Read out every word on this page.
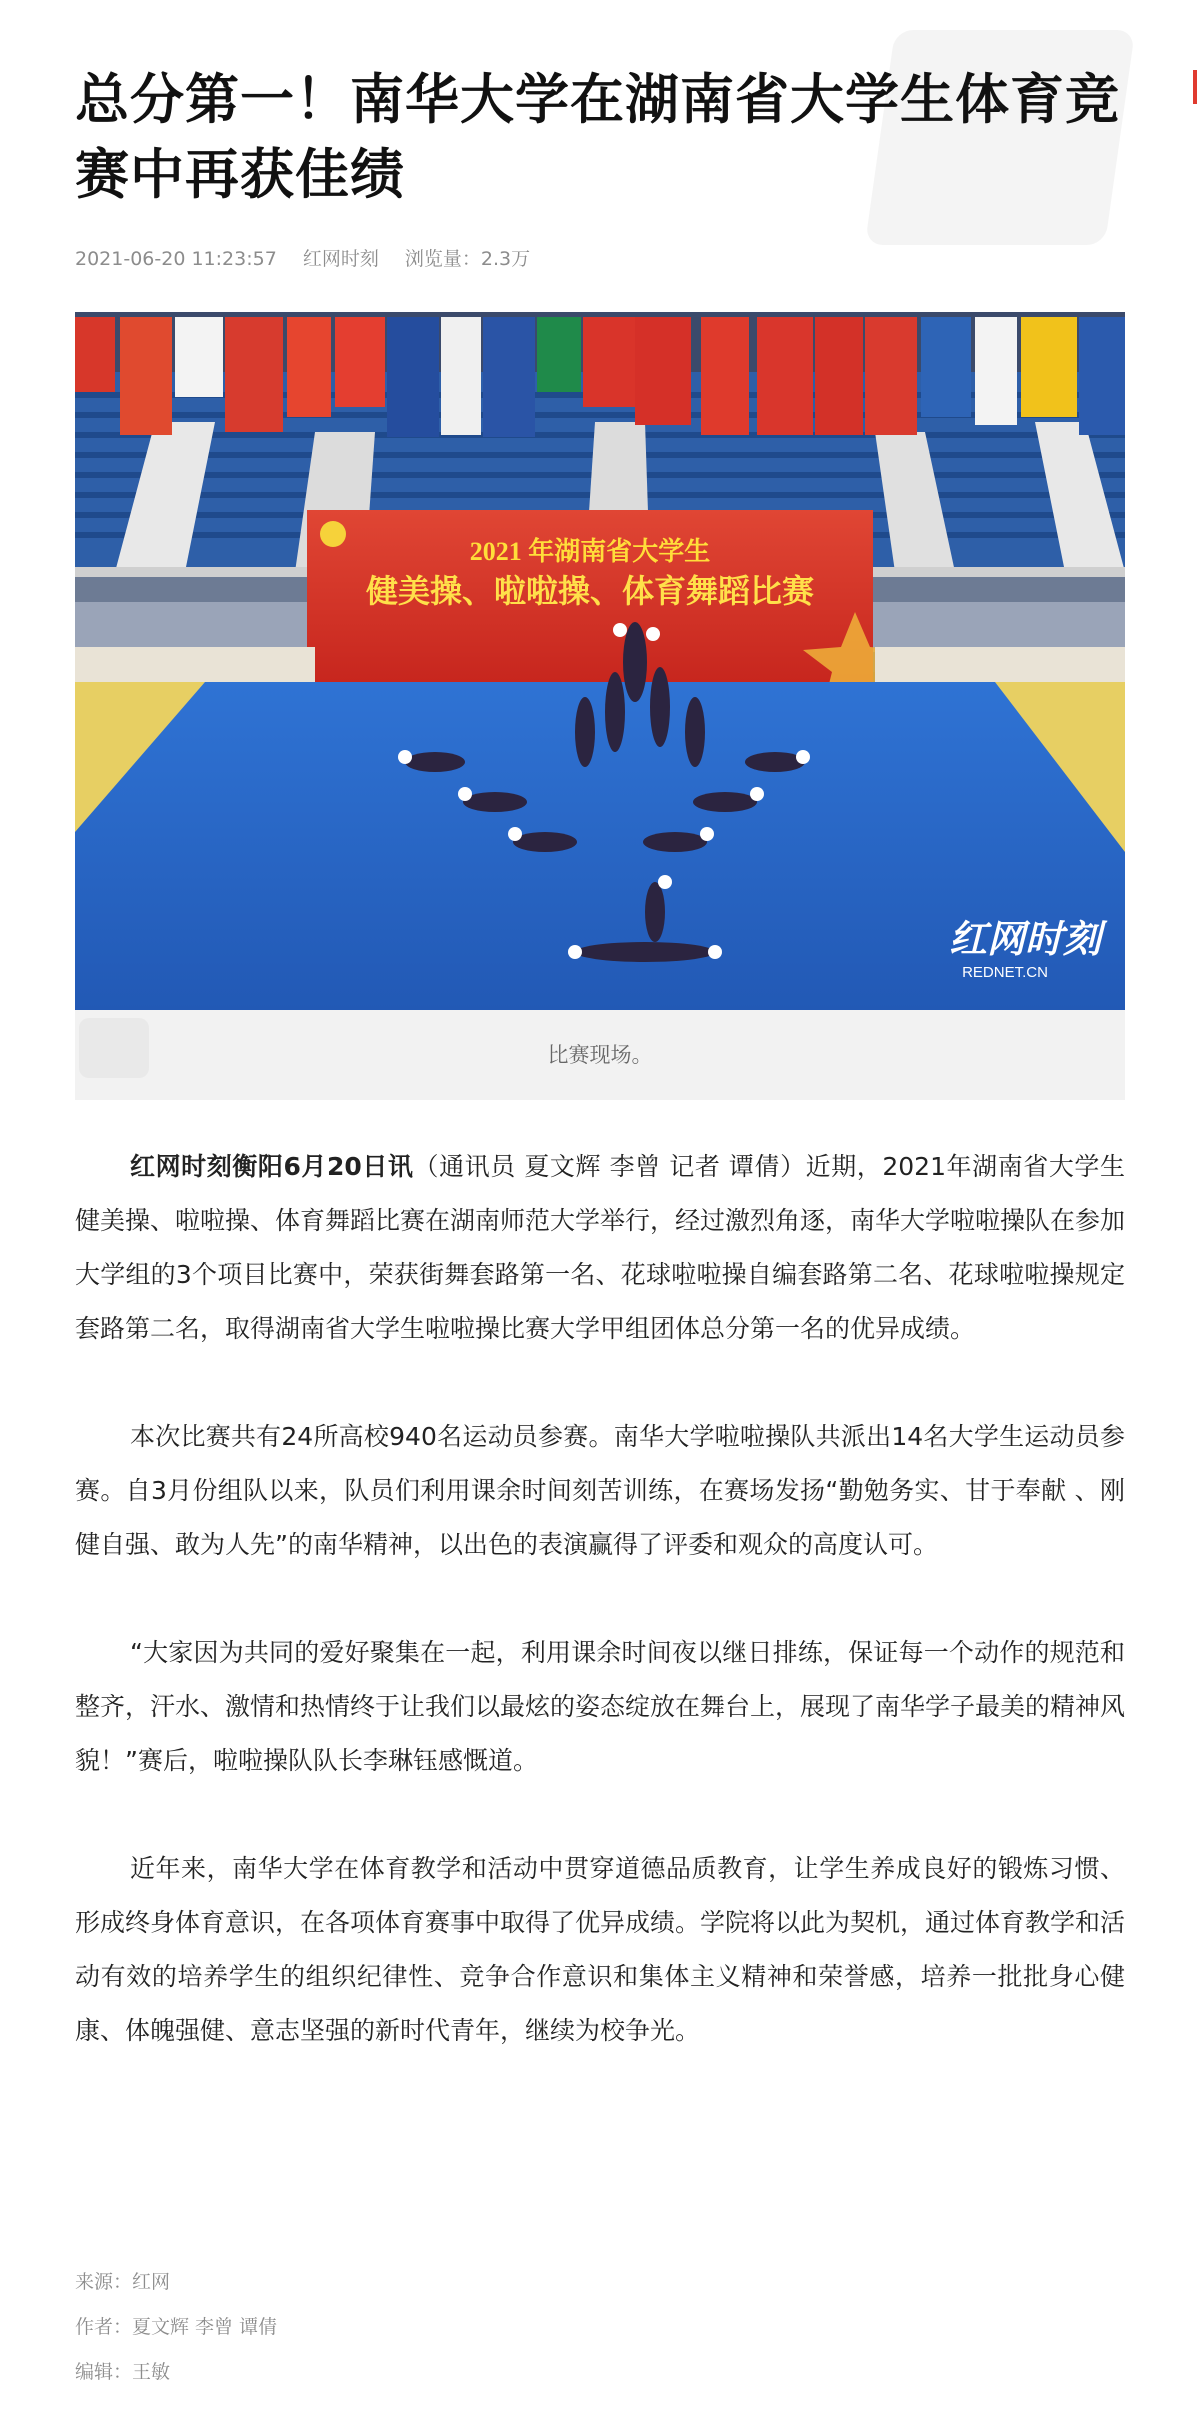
总分第一！南华大学在湖南省大学生体育竞赛中再获佳绩
2021-06-20 11:23:57 红网时刻 浏览量：2.3万
2021 年湖南省大学生
健美操、啦啦操、体育舞蹈比赛
红网时刻
REDNET.CN
比赛现场。

红网时刻衡阳6月20日讯（通讯员 夏文辉 李曾 记者 谭倩）近期，2021年湖南省大学生健美操、啦啦操、体育舞蹈比赛在湖南师范大学举行，经过激烈角逐，南华大学啦啦操队在参加大学组的3个项目比赛中，荣获街舞套路第一名、花球啦啦操自编套路第二名、花球啦啦操规定套路第二名，取得湖南省大学生啦啦操比赛大学甲组团体总分第一名的优异成绩。

本次比赛共有24所高校940名运动员参赛。南华大学啦啦操队共派出14名大学生运动员参赛。自3月份组队以来，队员们利用课余时间刻苦训练，在赛场发扬“勤勉务实、甘于奉献 、刚健自强、敢为人先”的南华精神，以出色的表演赢得了评委和观众的高度认可。

“大家因为共同的爱好聚集在一起，利用课余时间夜以继日排练，保证每一个动作的规范和整齐，汗水、激情和热情终于让我们以最炫的姿态绽放在舞台上，展现了南华学子最美的精神风貌！”赛后，啦啦操队队长李琳钰感慨道。

近年来，南华大学在体育教学和活动中贯穿道德品质教育，让学生养成良好的锻炼习惯、形成终身体育意识，在各项体育赛事中取得了优异成绩。学院将以此为契机，通过体育教学和活动有效的培养学生的组织纪律性、竞争合作意识和集体主义精神和荣誉感，培养一批批身心健康、体魄强健、意志坚强的新时代青年，继续为校争光。

来源：红网
作者：夏文辉 李曾 谭倩
编辑：王敏
